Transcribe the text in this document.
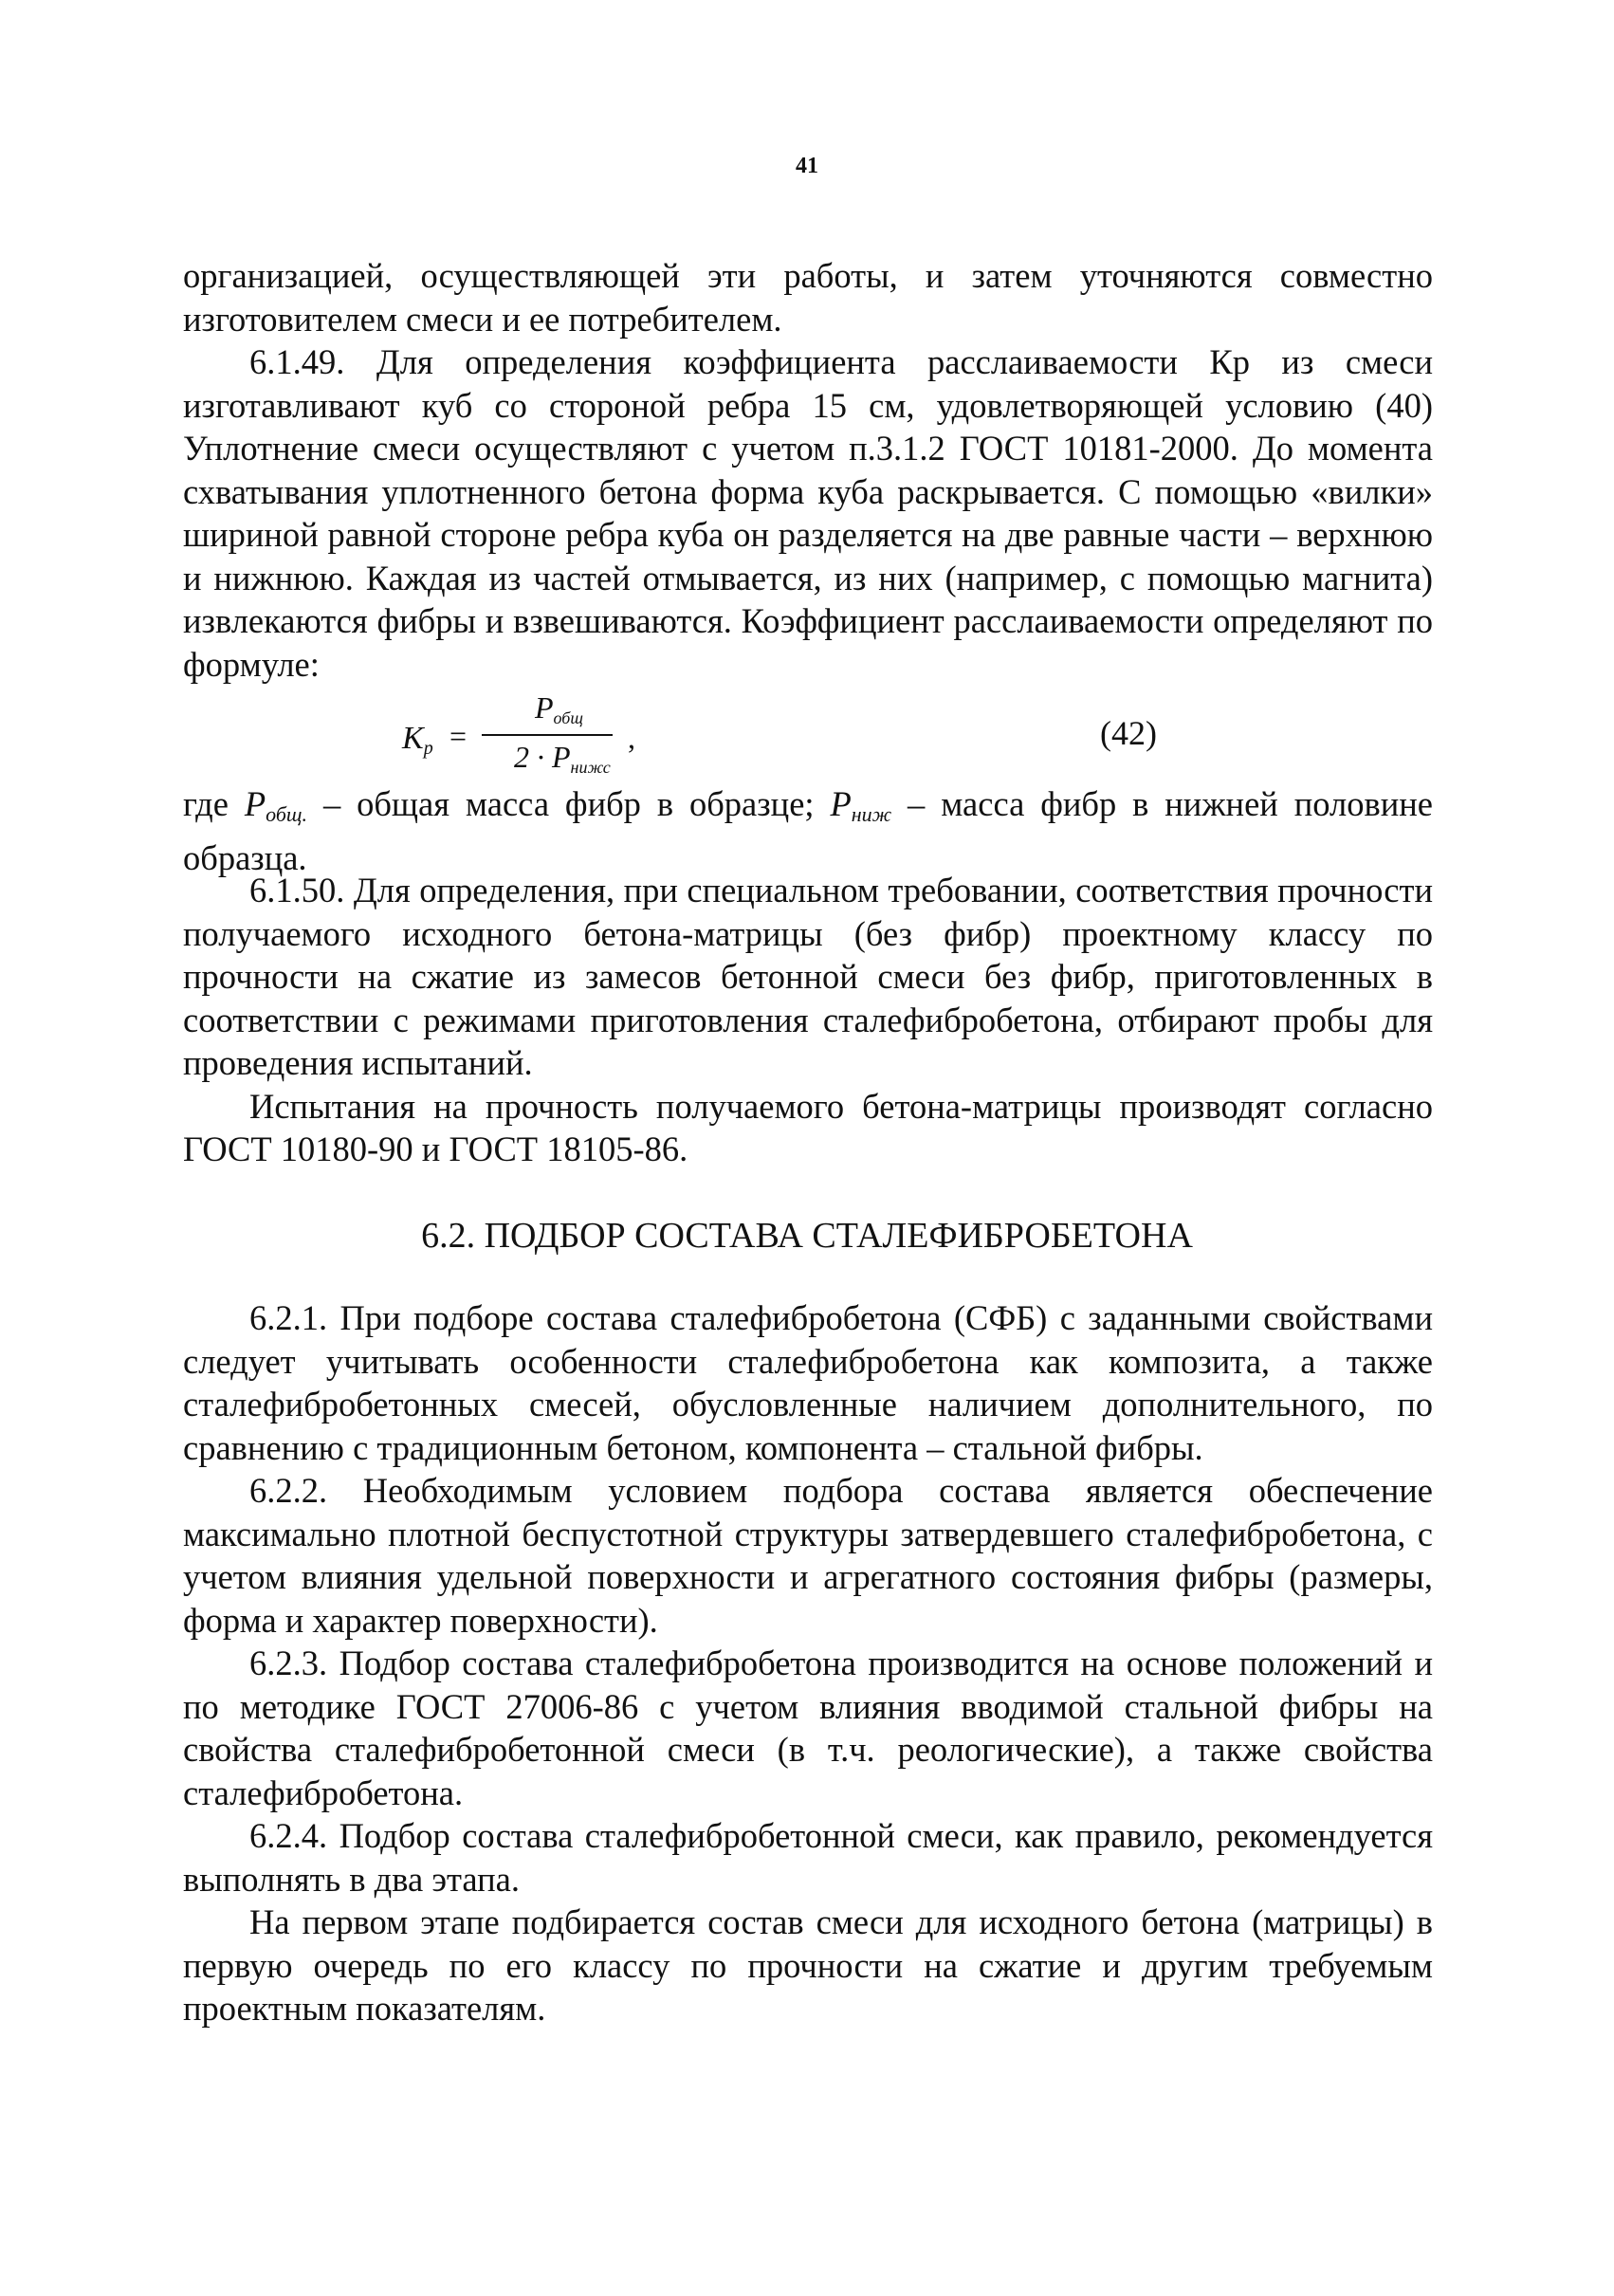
41

организацией, осуществляющей эти работы, и затем уточняются совместно изготовителем смеси и ее потребителем.

6.1.49. Для определения коэффициента расслаиваемости Кр из смеси изготавливают куб со стороной ребра 15 см, удовлетворяющей условию (40) Уплотнение смеси осуществляют с учетом п.3.1.2 ГОСТ 10181-2000. До момента схватывания уплотненного бетона форма куба раскрывается. С помощью «вилки» шириной равной стороне ребра куба он разделяется на две равные части – верхнюю и нижнюю. Каждая из частей отмывается, из них (например, с помощью магнита) извлекаются фибры и взвешиваются. Коэффициент расслаиваемости определяют по формуле:

$K_p$ =
$P_{общ}$
$2 \cdot P_{нижс}$
,	(42)
где $P_{общ.}$ – общая масса фибр в образце; $P_{ниж}$ – масса фибр в нижней половине образца.

6.1.50. Для определения, при специальном требовании, соответствия прочности получаемого исходного бетона-матрицы (без фибр) проектному классу по прочности на сжатие из замесов бетонной смеси без фибр, приготовленных в соответствии с режимами приготовления сталефибробетона, отбирают пробы для проведения испытаний.

Испытания на прочность получаемого бетона-матрицы производят согласно ГОСТ 10180-90 и ГОСТ 18105-86.

6.2. ПОДБОР СОСТАВА СТАЛЕФИБРОБЕТОНА

6.2.1. При подборе состава сталефибробетона (СФБ) с заданными свойствами следует учитывать особенности сталефибробетона как композита, а также сталефибробетонных смесей, обусловленные наличием дополнительного, по сравнению с традиционным бетоном, компонента – стальной фибры.

6.2.2. Необходимым условием подбора состава является обеспечение максимально плотной беспустотной структуры затвердевшего сталефибробетона, с учетом влияния удельной поверхности и агрегатного состояния фибры (размеры, форма и характер поверхности).

6.2.3. Подбор состава сталефибробетона производится на основе положений и по методике ГОСТ 27006-86 с учетом влияния вводимой стальной фибры на свойства сталефибробетонной смеси (в т.ч. реологические), а также свойства сталефибробетона.

6.2.4. Подбор состава сталефибробетонной смеси, как правило, рекомендуется выполнять в два этапа.

На первом этапе подбирается состав смеси для исходного бетона (матрицы) в первую очередь по его классу по прочности на сжатие и другим требуемым проектным показателям.
